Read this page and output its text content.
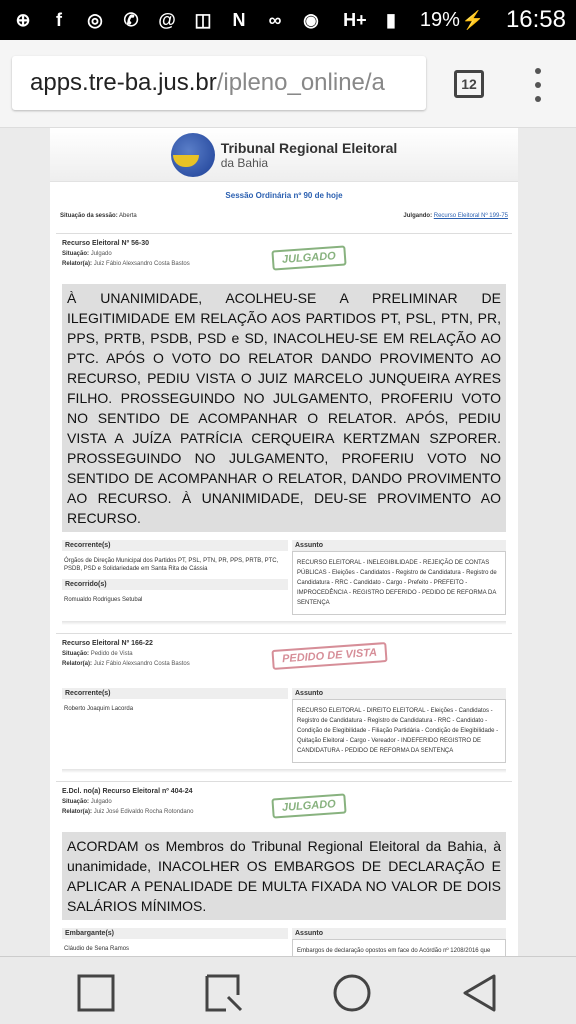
⊕	f	◎	✆	@ ◫	N	∞	◉ H+	▮	19% ⚡ 16:58
apps.tre-ba.jus.br /ipleno_online/a	12
Tribunal Regional Eleitoral
da Bahia
Sessão Ordinária nº 90 de hoje
Situação da sessão: Aberta	Julgando: Recurso Eleitoral Nº 199-75
Recurso Eleitoral Nº 56-30
Situação: Julgado
Relator(a): Juiz Fábio Alexsandro Costa Bastos	JULGADO
À UNANIMIDADE, ACOLHEU-SE A PRELIMINAR DE ILEGITIMIDADE EM RELAÇÃO AOS PARTIDOS PT, PSL, PTN, PR, PPS, PRTB, PSDB, PSD e SD, INACOLHEU-SE EM RELAÇÃO AO PTC. APÓS O VOTO DO RELATOR DANDO PROVIMENTO AO RECURSO, PEDIU VISTA O JUIZ MARCELO JUNQUEIRA AYRES FILHO. PROSSEGUINDO NO JULGAMENTO, PROFERIU VOTO NO SENTIDO DE ACOMPANHAR O RELATOR. APÓS, PEDIU VISTA A JUÍZA PATRÍCIA CERQUEIRA KERTZMAN SZPORER. PROSSEGUINDO NO JULGAMENTO, PROFERIU VOTO NO SENTIDO DE ACOMPANHAR O RELATOR, DANDO PROVIMENTO AO RECURSO. À UNANIMIDADE, DEU-SE PROVIMENTO AO RECURSO.
Recorrente(s)
Órgãos de Direção Municipal dos Partidos PT, PSL, PTN, PR, PPS, PRTB, PTC, PSDB, PSD e Solidariedade em Santa Rita de Cássia
Recorrido(s)
Romualdo Rodrigues Setubal
Assunto
RECURSO ELEITORAL - INELEGIBILIDADE - REJEIÇÃO DE CONTAS PÚBLICAS - Eleições - Candidatos - Registro de Candidatura - Registro de Candidatura - RRC - Candidato - Cargo - Prefeito - PREFEITO - IMPROCEDÊNCIA - REGISTRO DEFERIDO - PEDIDO DE REFORMA DA SENTENÇA
Recurso Eleitoral Nº 166-22
Situação: Pedido de Vista
Relator(a): Juiz Fábio Alexsandro Costa Bastos	PEDIDO DE VISTA
Recorrente(s)
Roberto Joaquim Lacorda
Assunto
RECURSO ELEITORAL - DIREITO ELEITORAL - Eleições - Candidatos - Registro de Candidatura - Registro de Candidatura - RRC - Candidato - Condição de Elegibilidade - Filiação Partidária - Condição de Elegibilidade - Quitação Eleitoral - Cargo - Vereador - INDEFERIDO REGISTRO DE CANDIDATURA - PEDIDO DE REFORMA DA SENTENÇA
E.Dcl. no(a) Recurso Eleitoral nº 404-24
Situação: Julgado
Relator(a): Juiz José Edivaldo Rocha Rotondano	JULGADO
ACORDAM os Membros do Tribunal Regional Eleitoral da Bahia, à unanimidade, INACOLHER OS EMBARGOS DE DECLARAÇÃO E APLICAR A PENALIDADE DE MULTA FIXADA NO VALOR DE DOIS SALÁRIOS MÍNIMOS.
Embargante(s)
Cláudio de Sena Ramos
Assunto
Embargos de declaração opostos em face do Acórdão nº 1208/2016 que
